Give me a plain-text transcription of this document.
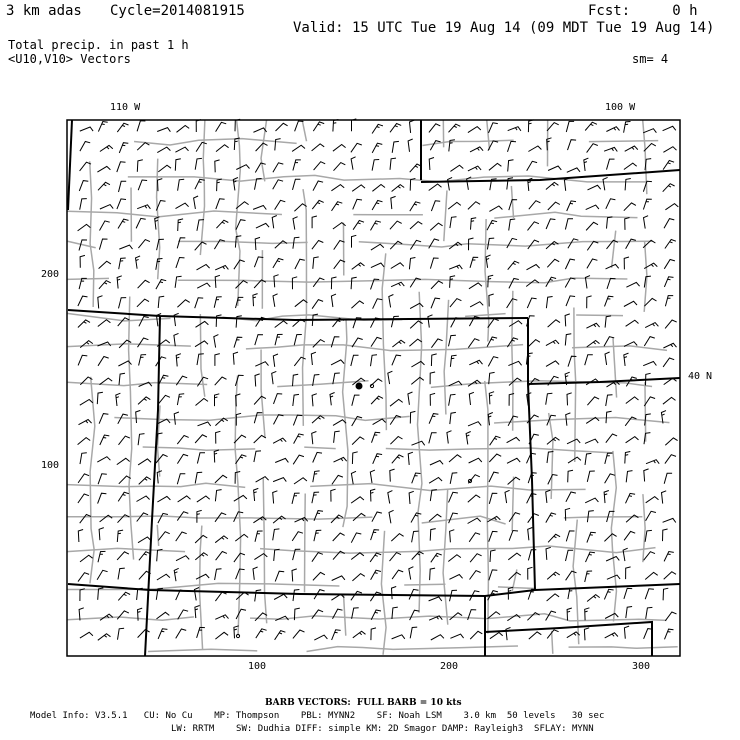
3 km adas Cycle=2014081915	Fcst:     0 h
Valid: 15 UTC Tue 19 Aug 14 (09 MDT Tue 19 Aug 14)
Total precip. in past 1 h
<U10,V10> Vectors	sm= 4
110 W	100 W
200
100
40 N
100	200	300
BARB VECTORS:  FULL BARB = 10 kts
Model Info: V3.5.1   CU: No Cu    MP: Thompson    PBL: MYNN2    SF: Noah LSM    3.0 km  50 levels   30 sec
LW: RRTM    SW: Dudhia DIFF: simple KM: 2D Smagor DAMP: Rayleigh3  SFLAY: MYNN
